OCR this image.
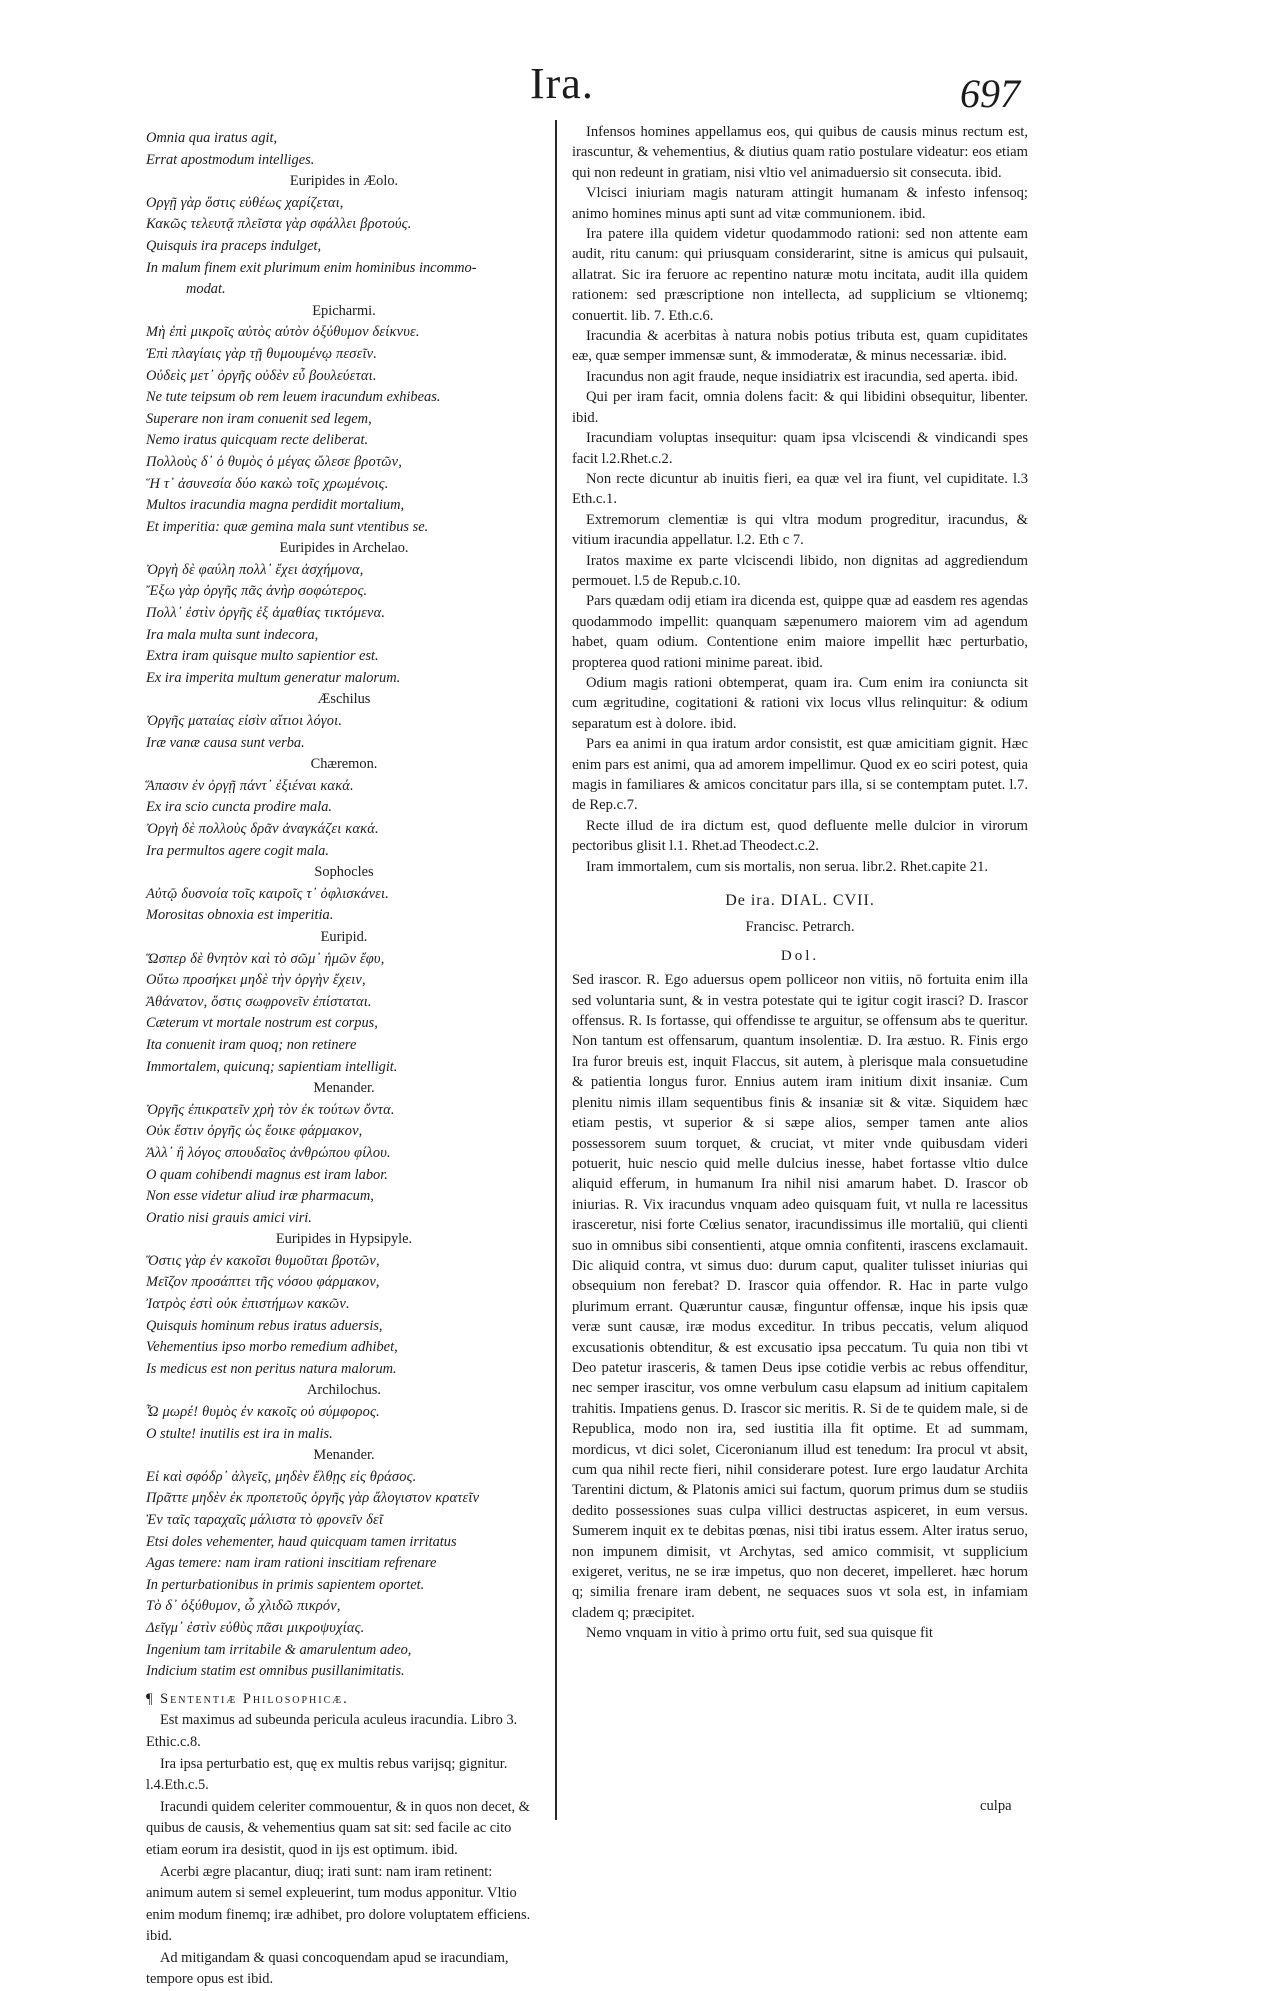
Ira.	697
Omnia qua iratus agit,
Errat apostmodum intelliges.
Euripides in Æolo.
Οργῇ γὰρ ὅστις εὐθέως χαρίζεται,
Κακῶς τελευτᾷ πλεῖστα γὰρ σφάλλει βροτούς.
Quisquis ira praceps indulget,
In malum finem exit plurimum enim hominibus incommo-
modat.
Epicharmi.
Μὴ ἐπὶ μικροῖς αὐτὸς αὑτὸν ὀξύθυμον δείκνυε.
Ἐπὶ πλαγίαις γὰρ τῇ θυμουμένῳ πεσεῖν.
Οὐδεὶς μετ᾽ ὀργῆς οὐδὲν εὖ βουλεύεται.
Ne tute teipsum ob rem leuem iracundum exhibeas.
Superare non iram conuenit sed legem,
Nemo iratus quicquam recte deliberat.
Πολλοὺς δ᾽ ὁ θυμὸς ὁ μέγας ὤλεσε βροτῶν,
Ἥ τ᾽ ἀσυνεσία δύο κακὼ τοῖς χρωμένοις.
Multos iracundia magna perdidit mortalium,
Et imperitia: quæ gemina mala sunt vtentibus se.
Euripides in Archelao.
Ὀργὴ δὲ φαύλη πολλ᾽ ἔχει ἀσχήμονα,
Ἔξω γὰρ ὀργῆς πᾶς ἀνὴρ σοφώτερος.
Πολλ᾽ ἐστὶν ὀργῆς ἐξ ἀμαθίας τικτόμενα.
Ira mala multa sunt indecora,
Extra iram quisque multo sapientior est.
Ex ira imperita multum generatur malorum.
Æschilus
Ὀργῆς ματαίας εἰσὶν αἴτιοι λόγοι.
Iræ vanæ causa sunt verba.
Chæremon.
Ἅπασιν ἐν ὀργῇ πάντ᾽ ἐξιέναι κακά.
Ex ira scio cuncta prodire mala.
Ὀργὴ δὲ πολλοὺς δρᾶν ἀναγκάζει κακά.
Ira permultos agere cogit mala.
Sophocles
Αὐτῷ δυσνοία τοῖς καιροῖς τ᾽ ὀφλισκάνει.
Morositas obnoxia est imperitia.
Euripid.
Ὥσπερ δὲ θνητὸν καὶ τὸ σῶμ᾽ ἡμῶν ἔφυ,
Οὕτω προσήκει μηδὲ τὴν ὀργὴν ἔχειν,
Ἀθάνατον, ὅστις σωφρονεῖν ἐπίσταται.
Cæterum vt mortale nostrum est corpus,
Ita conuenit iram quoq; non retinere
Immortalem, quicunq; sapientiam intelligit.
Menander.
Ὀργῆς ἐπικρατεῖν χρὴ τὸν ἐκ τούτων ὄντα.
Οὐκ ἔστιν ὀργῆς ὡς ἔοικε φάρμακον,
Ἀλλ᾽ ἢ λόγος σπουδαῖος ἀνθρώπου φίλου.
O quam cohibendi magnus est iram labor.
Non esse videtur aliud iræ pharmacum,
Oratio nisi grauis amici viri.
Euripides in Hypsipyle.
Ὅστις γὰρ ἐν κακοῖσι θυμοῦται βροτῶν,
Μεῖζον προσάπτει τῆς νόσου φάρμακον,
Ἰατρὸς ἐστὶ οὐκ ἐπιστήμων κακῶν.
Quisquis hominum rebus iratus aduersis,
Vehementius ipso morbo remedium adhibet,
Is medicus est non peritus natura malorum.
Archilochus.
Ὦ μωρέ! θυμὸς ἐν κακοῖς οὐ σύμφορος.
O stulte! inutilis est ira in malis.
Menander.
Εἰ καὶ σφόδρ᾽ ἀλγεῖς, μηδὲν ἔλθῃς εἰς θράσος.
Πρᾶττε μηδὲν ἐκ προπετοῦς ὀργῆς γὰρ ἄλογιστον κρατεῖν
Ἐν ταῖς ταραχαῖς μάλιστα τὸ φρονεῖν δεῖ
Etsi doles vehementer, haud quicquam tamen irritatus
Agas temere: nam iram rationi inscitiam refrenare
In perturbationibus in primis sapientem oportet.
Τὸ δ᾽ ὀξύθυμον, ὦ χλιδῶ πικρόν,
Δεῖγμ᾽ ἐστὶν εὐθὺς πᾶσι μικροψυχίας.
Ingenium tam irritabile & amarulentum adeo,
Indicium statim est omnibus pusillanimitatis.
¶ Sententiæ Philosophicæ.

Est maximus ad subeunda pericula aculeus iracundia. Libro 3. Ethic.c.8.

Ira ipsa perturbatio est, quę ex multis rebus varijsq; gignitur. l.4.Eth.c.5.

Iracundi quidem celeriter commouentur, & in quos non decet, & quibus de causis, & vehementius quam sat sit: sed facile ac cito etiam eorum ira desistit, quod in ijs est optimum. ibid.

Acerbi ægre placantur, diuq; irati sunt: nam iram retinent: animum autem si semel expleuerint, tum modus apponitur. Vltio enim modum finemq; iræ adhibet, pro dolore voluptatem efficiens. ibid.

Ad mitigandam & quasi concoquendam apud se iracundiam, tempore opus est ibid.

Infensos homines appellamus eos, qui quibus de causis minus rectum est, irascuntur, & vehementius, & diutius quam ratio postulare videatur: eos etiam qui non redeunt in gratiam, nisi vltio vel animaduersio sit consecuta. ibid.

Vlcisci iniuriam magis naturam attingit humanam & infesto infensoq; animo homines minus apti sunt ad vitæ communionem. ibid.

Ira patere illa quidem videtur quodammodo rationi: sed non attente eam audit, ritu canum: qui priusquam considerarint, sitne is amicus qui pulsauit, allatrat. Sic ira feruore ac repentino naturæ motu incitata, audit illa quidem rationem: sed præscriptione non intellecta, ad supplicium se vltionemq; conuertit. lib. 7. Eth.c.6.

Iracundia & acerbitas à natura nobis potius tributa est, quam cupiditates eæ, quæ semper immensæ sunt, & immoderatæ, & minus necessariæ. ibid.

Iracundus non agit fraude, neque insidiatrix est iracundia, sed aperta. ibid.

Qui per iram facit, omnia dolens facit: & qui libidini obsequitur, libenter. ibid.

Iracundiam voluptas insequitur: quam ipsa vlciscendi & vindicandi spes facit l.2.Rhet.c.2.

Non recte dicuntur ab inuitis fieri, ea quæ vel ira fiunt, vel cupiditate. l.3 Eth.c.1.

Extremorum clementiæ is qui vltra modum progreditur, iracundus, & vitium iracundia appellatur. l.2. Eth c 7.

Iratos maxime ex parte vlciscendi libido, non dignitas ad aggrediendum permouet. l.5 de Repub.c.10.

Pars quædam odij etiam ira dicenda est, quippe quæ ad easdem res agendas quodammodo impellit: quanquam sæpenumero maiorem vim ad agendum habet, quam odium. Contentione enim maiore impellit hæc perturbatio, propterea quod rationi minime pareat. ibid.

Odium magis rationi obtemperat, quam ira. Cum enim ira coniuncta sit cum ægritudine, cogitationi & rationi vix locus vllus relinquitur: & odium separatum est à dolore. ibid.

Pars ea animi in qua iratum ardor consistit, est quæ amicitiam gignit. Hæc enim pars est animi, qua ad amorem impellimur. Quod ex eo sciri potest, quia magis in familiares & amicos concitatur pars illa, si se contemptam putet. l.7. de Rep.c.7.

Recte illud de ira dictum est, quod defluente melle dulcior in virorum pectoribus glisit l.1. Rhet.ad Theodect.c.2.

Iram immortalem, cum sis mortalis, non serua. libr.2. Rhet.capite 21.

De ira. DIAL. CVII.
Francisc. Petrarch.
Dol.

Sed irascor. R. Ego aduersus opem polliceor non vitiis, nō fortuita enim illa sed voluntaria sunt, & in vestra potestate qui te igitur cogit irasci? D. Irascor offensus. R. Is fortasse, qui offendisse te arguitur, se offensum abs te queritur. Non tantum est offensarum, quantum insolentiæ. D. Ira æstuo. R. Finis ergo Ira furor breuis est, inquit Flaccus, sit autem, à plerisque mala consuetudine & patientia longus furor. Ennius autem iram initium dixit insaniæ. Cum plenitu nimis illam sequentibus finis & insaniæ sit & vitæ. Siquidem hæc etiam pestis, vt superior & si sæpe alios, semper tamen ante alios possessorem suum torquet, & cruciat, vt miter vnde quibusdam videri potuerit, huic nescio quid melle dulcius inesse, habet fortasse vltio dulce aliquid efferum, in humanum Ira nihil nisi amarum habet. D. Irascor ob iniurias. R. Vix iracundus vnquam adeo quisquam fuit, vt nulla re lacessitus irasceretur, nisi forte Cœlius senator, iracundissimus ille mortaliū, qui clienti suo in omnibus sibi consentienti, atque omnia confitenti, irascens exclamauit. Dic aliquid contra, vt simus duo: durum caput, qualiter tulisset iniurias qui obsequium non ferebat? D. Irascor quia offendor. R. Hac in parte vulgo plurimum errant. Quæruntur causæ, finguntur offensæ, inque his ipsis quæ veræ sunt causæ, iræ modus exceditur. In tribus peccatis, velum aliquod excusationis obtenditur, & est excusatio ipsa peccatum. Tu quia non tibi vt Deo patetur irasceris, & tamen Deus ipse cotidie verbis ac rebus offenditur, nec semper irascitur, vos omne verbulum casu elapsum ad initium capitalem trahitis. Impatiens genus. D. Irascor sic meritis. R. Si de te quidem male, si de Republica, modo non ira, sed iustitia illa fit optime. Et ad summam, mordicus, vt dici solet, Ciceronianum illud est tenedum: Ira procul vt absit, cum qua nihil recte fieri, nihil considerare potest. Iure ergo laudatur Archita Tarentini dictum, & Platonis amici sui factum, quorum primus dum se studiis dedito possessiones suas culpa villici destructas aspiceret, in eum versus. Sumerem inquit ex te debitas pœnas, nisi tibi iratus essem. Alter iratus seruo, non impunem dimisit, vt Archytas, sed amico commisit, vt supplicium exigeret, veritus, ne se iræ impetus, quo non deceret, impelleret. hæc horum q; similia frenare iram debent, ne sequaces suos vt sola est, in infamiam cladem q; præcipitet.

Nemo vnquam in vitio à primo ortu fuit, sed sua quisque fit

culpa
